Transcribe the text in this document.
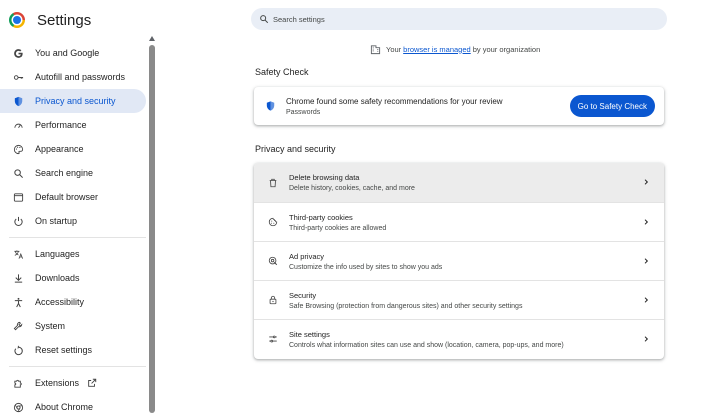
Settings
You and Google
Autofill and passwords
Privacy and security
Performance
Appearance
Search engine
Default browser
On startup
Languages
Downloads
Accessibility
System
Reset settings
Extensions
About Chrome
Search settings
Your browser is managed by your organization
Safety Check
Chrome found some safety recommendations for your review
Passwords
Go to Safety Check
Privacy and security
Delete browsing data
Delete history, cookies, cache, and more
Third-party cookies
Third-party cookies are allowed
Ad privacy
Customize the info used by sites to show you ads
Security
Safe Browsing (protection from dangerous sites) and other security settings
Site settings
Controls what information sites can use and show (location, camera, pop-ups, and more)
